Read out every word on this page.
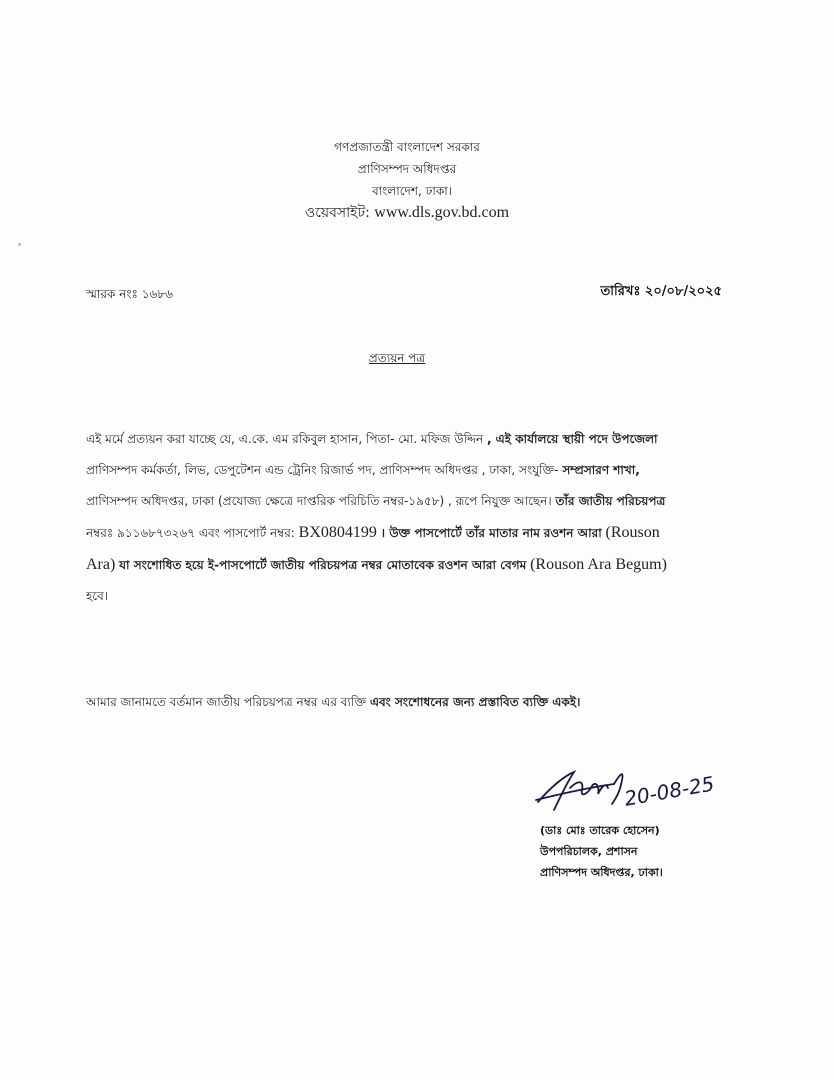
গণপ্রজাতন্ত্রী বাংলাদেশ সরকার
প্রাণিসম্পদ অধিদপ্তর
বাংলাদেশ, ঢাকা।
ওয়েবসাইট: www.dls.gov.bd.com
স্মারক নংঃ ১৬৮৬	তারিখঃ ২০/০৮/২০২৫
প্রত্যয়ন পত্র
এই মর্মে প্রত্যয়ন করা যাচ্ছে যে, এ.কে. এম রকিবুল হাসান, পিতা- মো. মফিজ উদ্দিন , এই কার্যালয়ে স্থায়ী পদে উপজেলা
প্রাণিসম্পদ কর্মকর্তা, লিভ, ডেপুটেশন এন্ড ট্রেনিং রিজার্ভ পদ, প্রাণিসম্পদ অধিদপ্তর , ঢাকা, সংযুক্তি- সম্প্রসারণ শাখা,
প্রাণিসম্পদ অধিদপ্তর, ঢাকা (প্রযোজ্য ক্ষেত্রে দাপ্তরিক পরিচিতি নম্বর-১৯৫৮) , রূপে নিযুক্ত আছেন। তাঁর জাতীয় পরিচয়পত্র
নম্বরঃ ৯১১৬৮৭৩২৬৭ এবং পাসপোর্ট নম্বর: BX0804199 । উক্ত পাসপোর্টে তাঁর মাতার নাম রওশন আরা (Rouson
Ara) যা সংশোধিত হয়ে ই-পাসপোর্টে জাতীয় পরিচয়পত্র নম্বর মোতাবেক রওশন আরা বেগম (Rouson Ara Begum)
হবে।
আমার জানামতে বর্তমান জাতীয় পরিচয়পত্র নম্বর এর ব্যক্তি এবং সংশোধনের জন্য প্রস্তাবিত ব্যক্তি একই।
20-08-25
(ডাঃ মোঃ তারেক হোসেন)
উপপরিচালক, প্রশাসন
প্রাণিসম্পদ অধিদপ্তর, ঢাকা।
